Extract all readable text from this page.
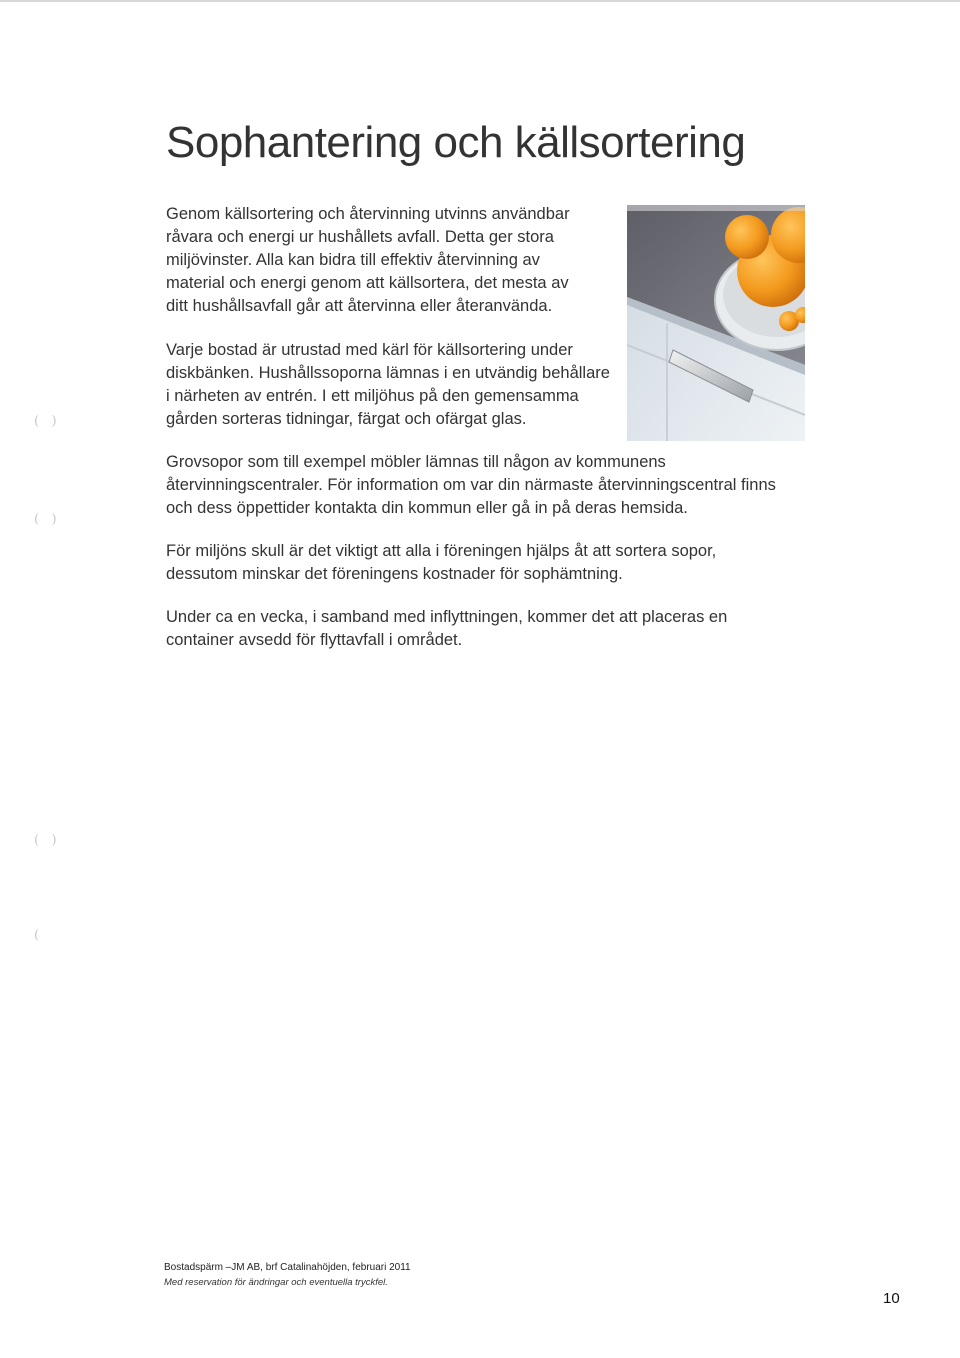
(   )
(   )
(   )
(
Sophantering och källsortering

Genom källsortering och återvinning utvinns användbar
råvara och energi ur hushållets avfall. Detta ger stora
miljövinster. Alla kan bidra till effektiv återvinning av
material och energi genom att källsortera, det mesta av
ditt hushållsavfall går att återvinna eller återanvända.

Varje bostad är utrustad med kärl för källsortering under
diskbänken. Hushållssoporna lämnas i en utvändig behållare
i närheten av entrén. I ett miljöhus på den gemensamma
gården sorteras tidningar, färgat och ofärgat glas.

Grovsopor som till exempel möbler lämnas till någon av kommunens
återvinningscentraler. För information om var din närmaste återvinningscentral finns
och dess öppettider kontakta din kommun eller gå in på deras hemsida.

För miljöns skull är det viktigt att alla i föreningen hjälps åt att sortera sopor,
dessutom minskar det föreningens kostnader för sophämtning.

Under ca en vecka, i samband med inflyttningen, kommer det att placeras en
container avsedd för flyttavfall i området.

Bostadspärm –JM AB, brf Catalinahöjden, februari 2011
Med reservation för ändringar och eventuella tryckfel.
10
